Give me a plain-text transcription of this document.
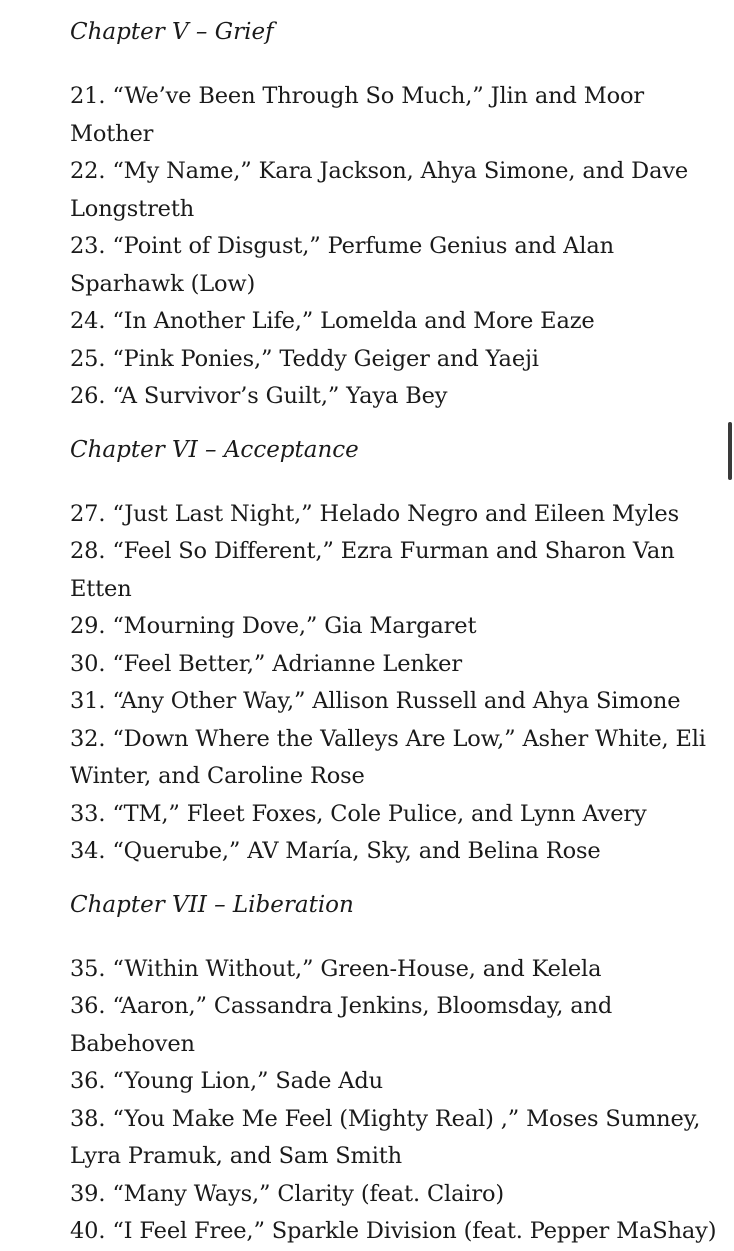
Chapter V – Grief
21. “We’ve Been Through So Much,” Jlin and Moor Mother
22. “My Name,” Kara Jackson, Ahya Simone, and Dave Longstreth
23. “Point of Disgust,” Perfume Genius and Alan Sparhawk (Low)
24. “In Another Life,” Lomelda and More Eaze
25. “Pink Ponies,” Teddy Geiger and Yaeji
26. “A Survivor’s Guilt,” Yaya Bey
Chapter VI – Acceptance
27. “Just Last Night,” Helado Negro and Eileen Myles
28. “Feel So Different,” Ezra Furman and Sharon Van Etten
29. “Mourning Dove,” Gia Margaret
30. “Feel Better,” Adrianne Lenker
31. “Any Other Way,” Allison Russell and Ahya Simone
32. “Down Where the Valleys Are Low,” Asher White, Eli Winter, and Caroline Rose
33. “TM,” Fleet Foxes, Cole Pulice, and Lynn Avery
34. “Querube,” AV María, Sky, and Belina Rose
Chapter VII – Liberation
35. “Within Without,” Green-House, and Kelela
36. “Aaron,” Cassandra Jenkins, Bloomsday, and Babehoven
36. “Young Lion,” Sade Adu
38. “You Make Me Feel (Mighty Real) ,” Moses Sumney, Lyra Pramuk, and Sam Smith
39. “Many Ways,” Clarity (feat. Clairo)
40. “I Feel Free,” Sparkle Division (feat. Pepper MaShay)
